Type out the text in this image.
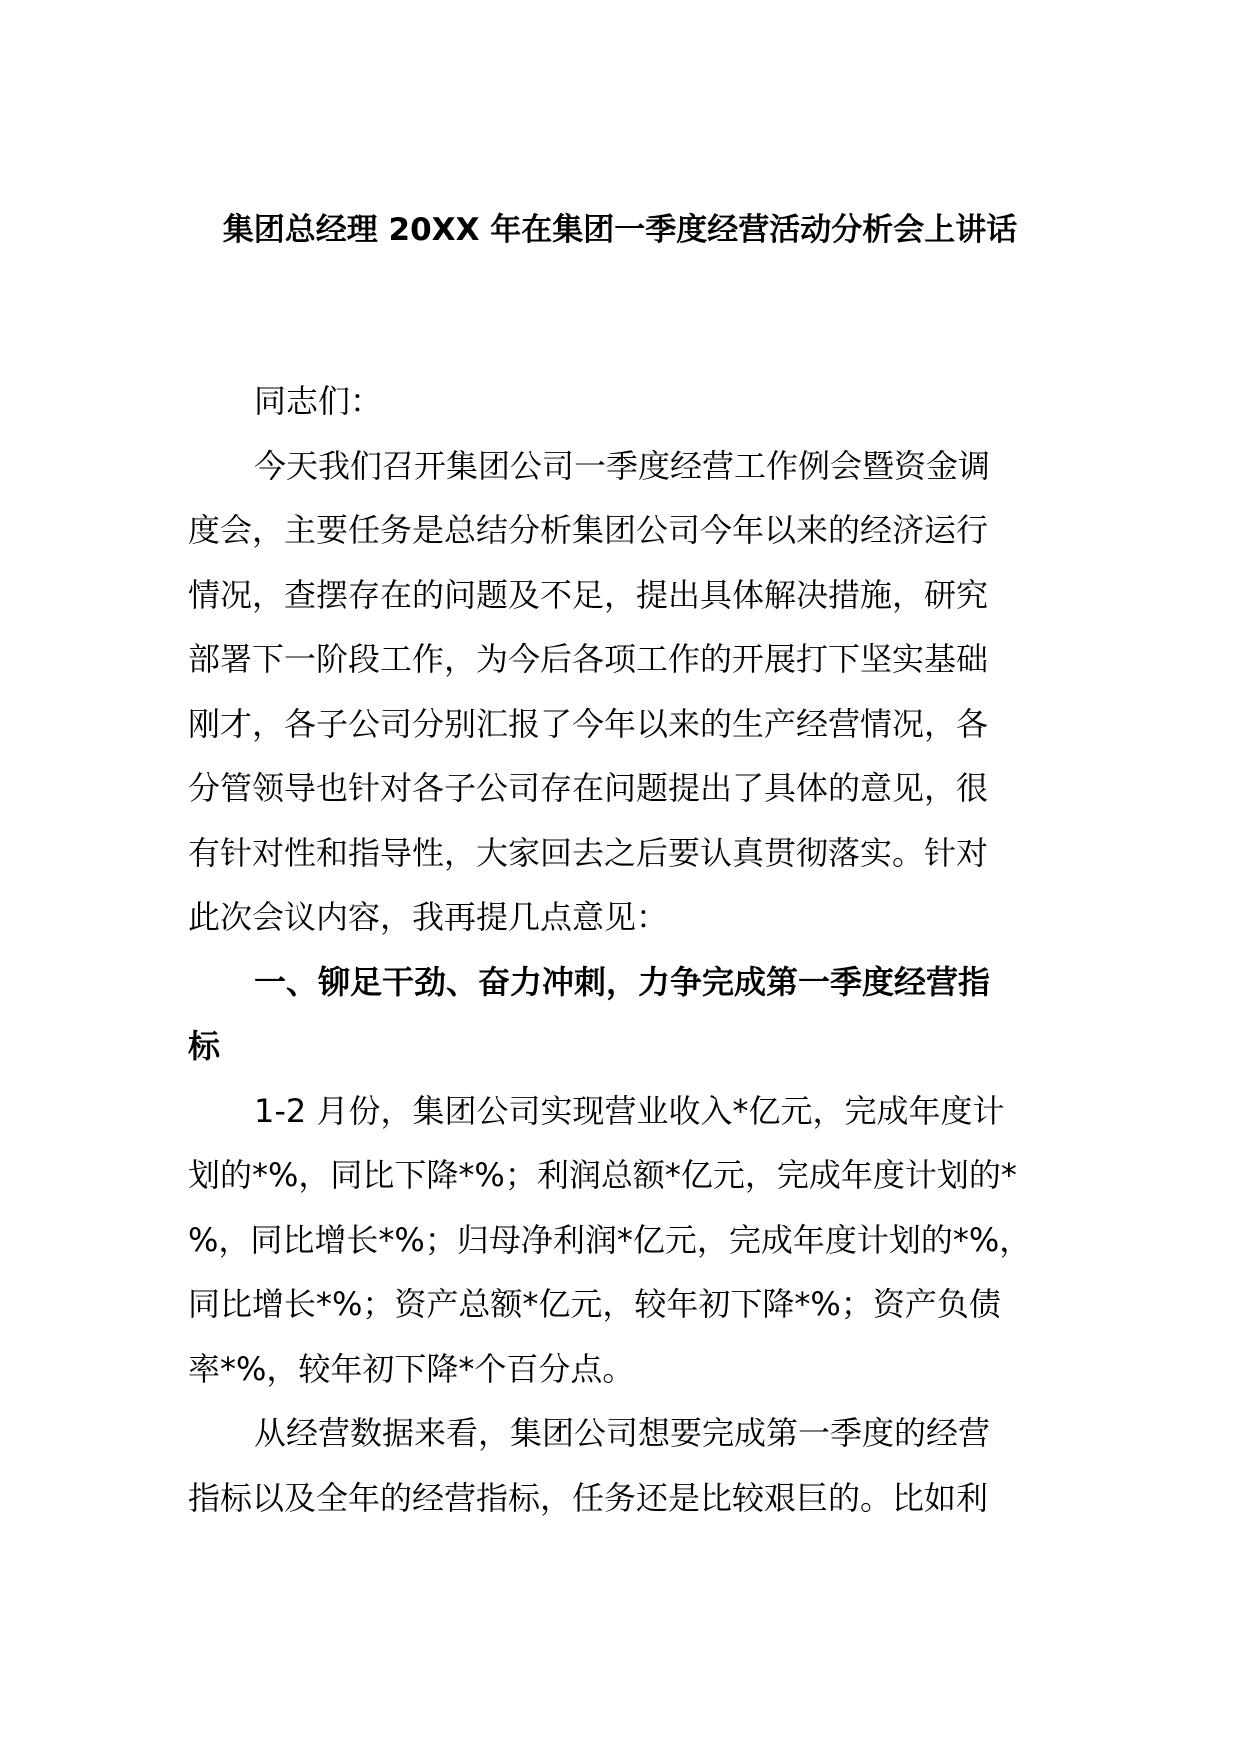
集团总经理 20XX 年在集团一季度经营活动分析会上讲话
同志们：
今天我们召开集团公司一季度经营工作例会暨资金调
度会，主要任务是总结分析集团公司今年以来的经济运行
情况，查摆存在的问题及不足，提出具体解决措施，研究
部署下一阶段工作，为今后各项工作的开展打下坚实基础
刚才，各子公司分别汇报了今年以来的生产经营情况，各
分管领导也针对各子公司存在问题提出了具体的意见，很
有针对性和指导性，大家回去之后要认真贯彻落实。针对
此次会议内容，我再提几点意见：
一、铆足干劲、奋力冲刺，力争完成第一季度经营指
标
1-2 月份，集团公司实现营业收入*亿元，完成年度计
划的*%，同比下降*%；利润总额*亿元，完成年度计划的*
%，同比增长*%；归母净利润*亿元，完成年度计划的*%，
同比增长*%；资产总额*亿元，较年初下降*%；资产负债
率*%，较年初下降*个百分点。
从经营数据来看，集团公司想要完成第一季度的经营
指标以及全年的经营指标，任务还是比较艰巨的。比如利
